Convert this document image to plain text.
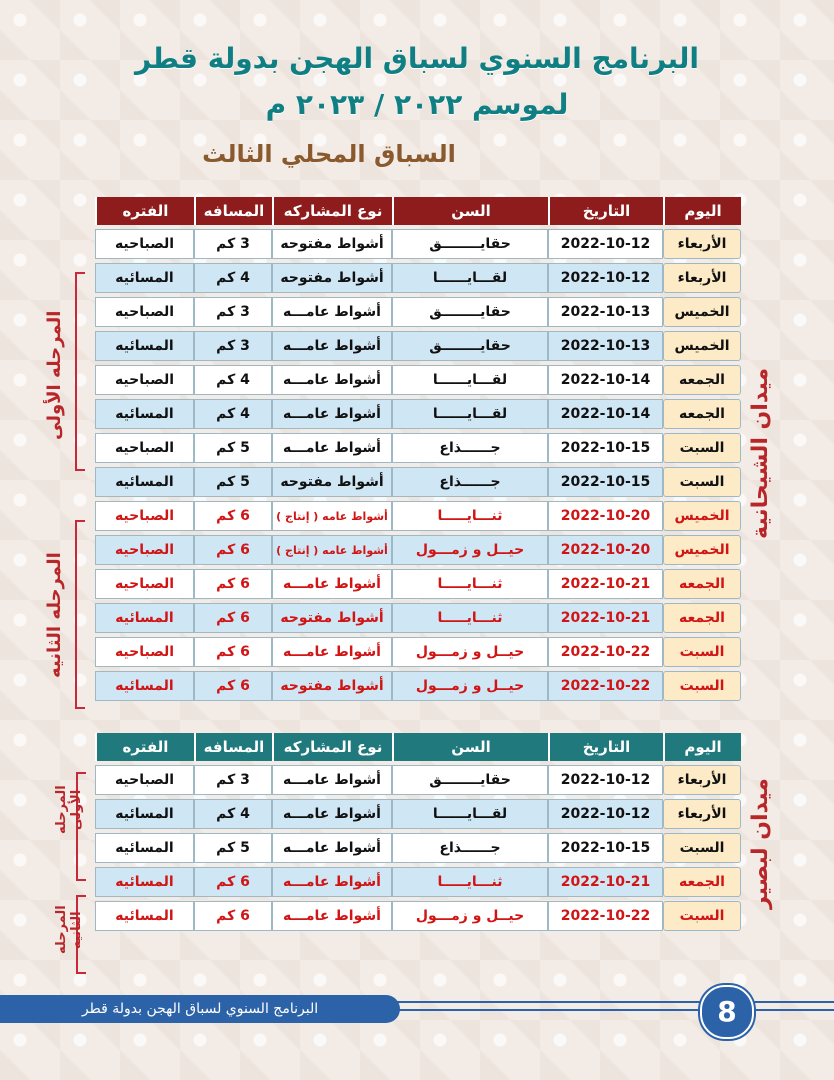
البرنامج السنوي لسباق الهجن بدولة قطر
لموسم ٢٠٢٢ / ٢٠٢٣ م
السباق المحلي الثالث
اليوم	التاريخ	السن	نوع المشاركه	المسافه	الفتره
الأربعاء	2022-10-12	حقايــــــــق	أشواط مفتوحه	3 كم	الصباحيه
الأربعاء	2022-10-12	لقـــايــــــا	أشواط مفتوحه	4 كم	المسائيه
الخميس	2022-10-13	حقايــــــــق	أشواط عامـــه	3 كم	الصباحيه
الخميس	2022-10-13	حقايــــــــق	أشواط عامـــه	3 كم	المسائيه
الجمعه	2022-10-14	لقـــايــــــا	أشواط عامـــه	4 كم	الصباحيه
الجمعه	2022-10-14	لقـــايــــــا	أشواط عامـــه	4 كم	المسائيه
السبت	2022-10-15	جــــــذاع	أشواط عامـــه	5 كم	الصباحيه
السبت	2022-10-15	جــــــذاع	أشواط مفتوحه	5 كم	المسائيه
الخميس	2022-10-20	ثنـــايـــــا	أشواط عامه ( إنتاج )	6 كم	الصباحيه
الخميس	2022-10-20	حيــل و زمـــول	أشواط عامه ( إنتاج )	6 كم	الصباحيه
الجمعه	2022-10-21	ثنـــايـــــا	أشواط عامـــه	6 كم	الصباحيه
الجمعه	2022-10-21	ثنـــايـــــا	أشواط مفتوحه	6 كم	المسائيه
السبت	2022-10-22	حيــل و زمـــول	أشواط عامـــه	6 كم	الصباحيه
السبت	2022-10-22	حيــل و زمـــول	أشواط مفتوحه	6 كم	المسائيه
ميدان الشيحانية
المرحله الأولى
المرحله الثانيه
اليوم	التاريخ	السن	نوع المشاركه	المسافه	الفتره
الأربعاء	2022-10-12	حقايــــــــق	أشواط عامـــه	3 كم	الصباحيه
الأربعاء	2022-10-12	لقـــايــــــا	أشواط عامـــه	4 كم	المسائيه
السبت	2022-10-15	جــــــذاع	أشواط عامـــه	5 كم	المسائيه
الجمعه	2022-10-21	ثنـــايـــــا	أشواط عامـــه	6 كم	المسائيه
السبت	2022-10-22	حيــل و زمـــول	أشواط عامـــه	6 كم	المسائيه
ميدان لبصير
المرحله الأولى
المرحله الثانيه
البرنامج السنوي لسباق الهجن بدولة قطر	8
